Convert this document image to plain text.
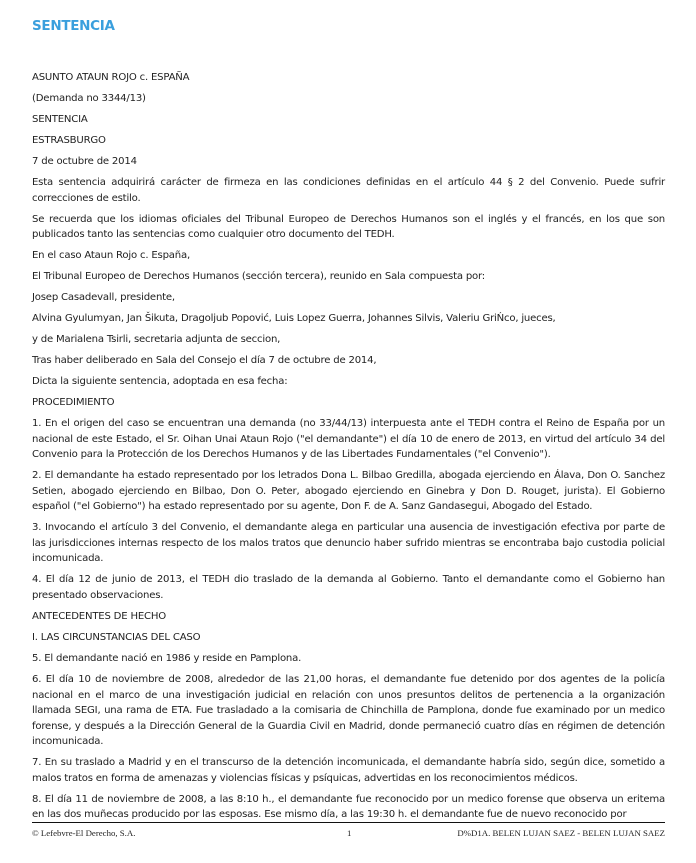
SENTENCIA

ASUNTO ATAUN ROJO c. ESPAÑA

(Demanda no 3344/13)

SENTENCIA

ESTRASBURGO

7 de octubre de 2014

Esta sentencia adquirirá carácter de firmeza en las condiciones definidas en el artículo 44 § 2 del Convenio. Puede sufrir correcciones de estilo.

Se recuerda que los idiomas oficiales del Tribunal Europeo de Derechos Humanos son el inglés y el francés, en los que son publicados tanto las sentencias como cualquier otro documento del TEDH.

En el caso Ataun Rojo c. España,

El Tribunal Europeo de Derechos Humanos (sección tercera), reunido en Sala compuesta por:

Josep Casadevall, presidente,

Alvina Gyulumyan, Jan Šikuta, Dragoljub Popović, Luis Lopez Guerra, Johannes Silvis, Valeriu GriŃco, jueces,

y de Marialena Tsirli, secretaria adjunta de seccion,

Tras haber deliberado en Sala del Consejo el día 7 de octubre de 2014,

Dicta la siguiente sentencia, adoptada en esa fecha:

PROCEDIMIENTO

1. En el origen del caso se encuentran una demanda (no 33/44/13) interpuesta ante el TEDH contra el Reino de España por un nacional de este Estado, el Sr. Oihan Unai Ataun Rojo ("el demandante") el día 10 de enero de 2013, en virtud del artículo 34 del Convenio para la Protección de los Derechos Humanos y de las Libertades Fundamentales ("el Convenio").

2. El demandante ha estado representado por los letrados Dona L. Bilbao Gredilla, abogada ejerciendo en Álava, Don O. Sanchez Setien, abogado ejerciendo en Bilbao, Don O. Peter, abogado ejerciendo en Ginebra y Don D. Rouget, jurista). El Gobierno español ("el Gobierno") ha estado representado por su agente, Don F. de A. Sanz Gandasegui, Abogado del Estado.

3. Invocando el artículo 3 del Convenio, el demandante alega en particular una ausencia de investigación efectiva por parte de las jurisdicciones internas respecto de los malos tratos que denuncio haber sufrido mientras se encontraba bajo custodia policial incomunicada.

4. El día 12 de junio de 2013, el TEDH dio traslado de la demanda al Gobierno. Tanto el demandante como el Gobierno han presentado observaciones.

ANTECEDENTES DE HECHO

I. LAS CIRCUNSTANCIAS DEL CASO

5. El demandante nació en 1986 y reside en Pamplona.

6. El día 10 de noviembre de 2008, alrededor de las 21,00 horas, el demandante fue detenido por dos agentes de la policía nacional en el marco de una investigación judicial en relación con unos presuntos delitos de pertenencia a la organización llamada SEGI, una rama de ETA. Fue trasladado a la comisaria de Chinchilla de Pamplona, donde fue examinado por un medico forense, y después a la Dirección General de la Guardia Civil en Madrid, donde permaneció cuatro días en régimen de detención incomunicada.

7. En su traslado a Madrid y en el transcurso de la detención incomunicada, el demandante habría sido, según dice, sometido a malos tratos en forma de amenazas y violencias físicas y psíquicas, advertidas en los reconocimientos médicos.

8. El día 11 de noviembre de 2008, a las 8:10 h., el demandante fue reconocido por un medico forense que observa un eritema en las dos muñecas producido por las esposas. Ese mismo día, a las 19:30 h. el demandante fue de nuevo reconocido por

© Lefebvre-El Derecho, S.A.	1	D%D1A. BELEN LUJAN SAEZ - BELEN LUJAN SAEZ
